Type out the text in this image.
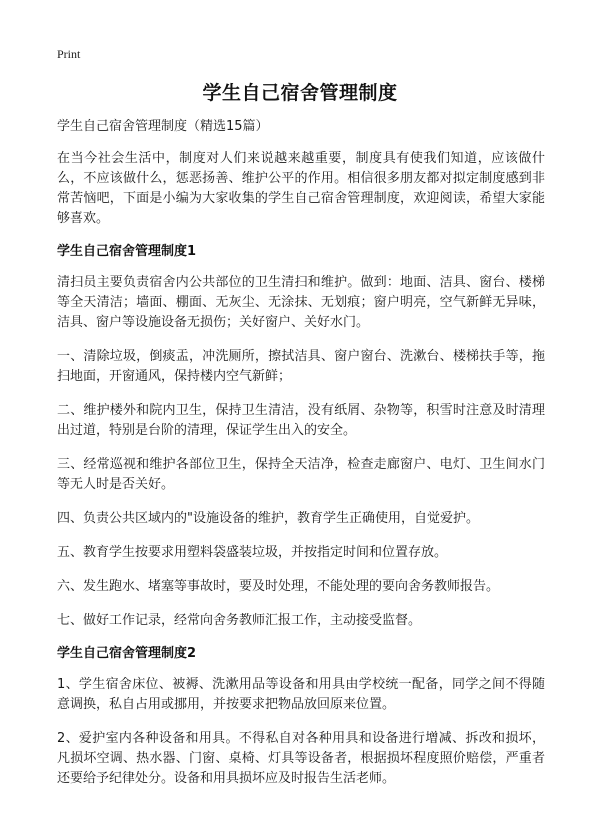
Print

学生自己宿舍管理制度

学生自己宿舍管理制度（精选15篇）

在当今社会生活中，制度对人们来说越来越重要，制度具有使我们知道，应该做什么，不应该做什么，惩恶扬善、维护公平的作用。相信很多朋友都对拟定制度感到非常苦恼吧，下面是小编为大家收集的学生自己宿舍管理制度，欢迎阅读，希望大家能够喜欢。

学生自己宿舍管理制度1

清扫员主要负责宿舍内公共部位的卫生清扫和维护。做到：地面、洁具、窗台、楼梯等全天清洁；墙面、棚面、无灰尘、无涂抹、无划痕；窗户明亮，空气新鲜无异味，洁具、窗户等设施设备无损伤；关好窗户、关好水门。

一、清除垃圾，倒痰盂，冲洗厕所，擦拭洁具、窗户窗台、洗漱台、楼梯扶手等，拖扫地面，开窗通风，保持楼内空气新鲜；

二、维护楼外和院内卫生，保持卫生清洁，没有纸屑、杂物等，积雪时注意及时清理出过道，特别是台阶的清理，保证学生出入的安全。

三、经常巡视和维护各部位卫生，保持全天洁净，检查走廊窗户、电灯、卫生间水门等无人时是否关好。

四、负责公共区域内的"设施设备的维护，教育学生正确使用，自觉爱护。

五、教育学生按要求用塑料袋盛装垃圾，并按指定时间和位置存放。

六、发生跑水、堵塞等事故时，要及时处理，不能处理的要向舍务教师报告。

七、做好工作记录，经常向舍务教师汇报工作，主动接受监督。

学生自己宿舍管理制度2

1、学生宿舍床位、被褥、洗漱用品等设备和用具由学校统一配备，同学之间不得随意调换，私自占用或挪用，并按要求把物品放回原来位置。

2、爱护室内各种设备和用具。不得私自对各种用具和设备进行增减、拆改和损坏，凡损坏空调、热水器、门窗、桌椅、灯具等设备者，根据损坏程度照价赔偿，严重者还要给予纪律处分。设备和用具损坏应及时报告生活老师。
